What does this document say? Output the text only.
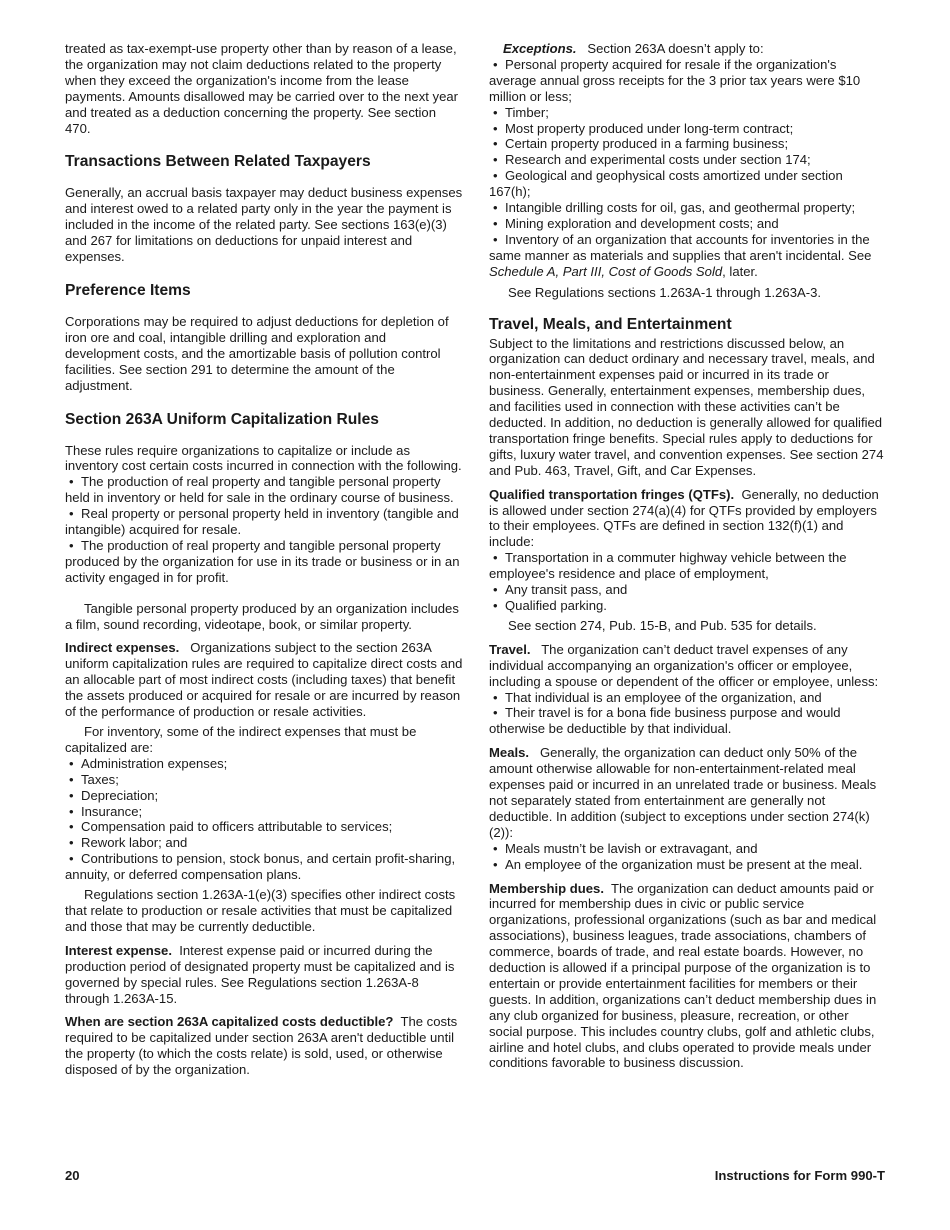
treated as tax-exempt-use property other than by reason of a lease, the organization may not claim deductions related to the property when they exceed the organization's income from the lease payments. Amounts disallowed may be carried over to the next year and treated as a deduction concerning the property. See section 470.

Transactions Between Related Taxpayers

Generally, an accrual basis taxpayer may deduct business expenses and interest owed to a related party only in the year the payment is included in the income of the related party. See sections 163(e)(3) and 267 for limitations on deductions for unpaid interest and expenses.

Preference Items

Corporations may be required to adjust deductions for depletion of iron ore and coal, intangible drilling and exploration and development costs, and the amortizable basis of pollution control facilities. See section 291 to determine the amount of the adjustment.

Section 263A Uniform Capitalization Rules

These rules require organizations to capitalize or include as inventory cost certain costs incurred in connection with the following.

• The production of real property and tangible personal property held in inventory or held for sale in the ordinary course of business.
• Real property or personal property held in inventory (tangible and intangible) acquired for resale.
• The production of real property and tangible personal property produced by the organization for use in its trade or business or in an activity engaged in for profit.

Tangible personal property produced by an organization includes a film, sound recording, videotape, book, or similar property.

Indirect expenses. Organizations subject to the section 263A uniform capitalization rules are required to capitalize direct costs and an allocable part of most indirect costs (including taxes) that benefit the assets produced or acquired for resale or are incurred by reason of the performance of production or resale activities.

For inventory, some of the indirect expenses that must be capitalized are:

• Administration expenses;
• Taxes;
• Depreciation;
• Insurance;
• Compensation paid to officers attributable to services;
• Rework labor; and
• Contributions to pension, stock bonus, and certain profit-sharing, annuity, or deferred compensation plans.

Regulations section 1.263A-1(e)(3) specifies other indirect costs that relate to production or resale activities that must be capitalized and those that may be currently deductible.

Interest expense. Interest expense paid or incurred during the production period of designated property must be capitalized and is governed by special rules. See Regulations section 1.263A-8 through 1.263A-15.

When are section 263A capitalized costs deductible? The costs required to be capitalized under section 263A aren't deductible until the property (to which the costs relate) is sold, used, or otherwise disposed of by the organization.

Exceptions. Section 263A doesn’t apply to:

• Personal property acquired for resale if the organization's average annual gross receipts for the 3 prior tax years were $10 million or less;
• Timber;
• Most property produced under long-term contract;
• Certain property produced in a farming business;
• Research and experimental costs under section 174;
• Geological and geophysical costs amortized under section 167(h);
• Intangible drilling costs for oil, gas, and geothermal property;
• Mining exploration and development costs; and
• Inventory of an organization that accounts for inventories in the same manner as materials and supplies that aren't incidental. See Schedule A, Part III, Cost of Goods Sold, later.

See Regulations sections 1.263A-1 through 1.263A-3.

Travel, Meals, and Entertainment

Subject to the limitations and restrictions discussed below, an organization can deduct ordinary and necessary travel, meals, and non-entertainment expenses paid or incurred in its trade or business. Generally, entertainment expenses, membership dues, and facilities used in connection with these activities can’t be deducted. In addition, no deduction is generally allowed for qualified transportation fringe benefits. Special rules apply to deductions for gifts, luxury water travel, and convention expenses. See section 274 and Pub. 463, Travel, Gift, and Car Expenses.

Qualified transportation fringes (QTFs). Generally, no deduction is allowed under section 274(a)(4) for QTFs provided by employers to their employees. QTFs are defined in section 132(f)(1) and include:

• Transportation in a commuter highway vehicle between the employee's residence and place of employment,
• Any transit pass, and
• Qualified parking.

See section 274, Pub. 15-B, and Pub. 535 for details.

Travel. The organization can’t deduct travel expenses of any individual accompanying an organization's officer or employee, including a spouse or dependent of the officer or employee, unless:

• That individual is an employee of the organization, and
• Their travel is for a bona fide business purpose and would otherwise be deductible by that individual.

Meals. Generally, the organization can deduct only 50% of the amount otherwise allowable for non-entertainment-related meal expenses paid or incurred in an unrelated trade or business. Meals not separately stated from entertainment are generally not deductible. In addition (subject to exceptions under section 274(k)(2)):

• Meals mustn’t be lavish or extravagant, and
• An employee of the organization must be present at the meal.

Membership dues. The organization can deduct amounts paid or incurred for membership dues in civic or public service organizations, professional organizations (such as bar and medical associations), business leagues, trade associations, chambers of commerce, boards of trade, and real estate boards. However, no deduction is allowed if a principal purpose of the organization is to entertain or provide entertainment facilities for members or their guests. In addition, organizations can’t deduct membership dues in any club organized for business, pleasure, recreation, or other social purpose. This includes country clubs, golf and athletic clubs, airline and hotel clubs, and clubs operated to provide meals under conditions favorable to business discussion.

20	Instructions for Form 990-T
